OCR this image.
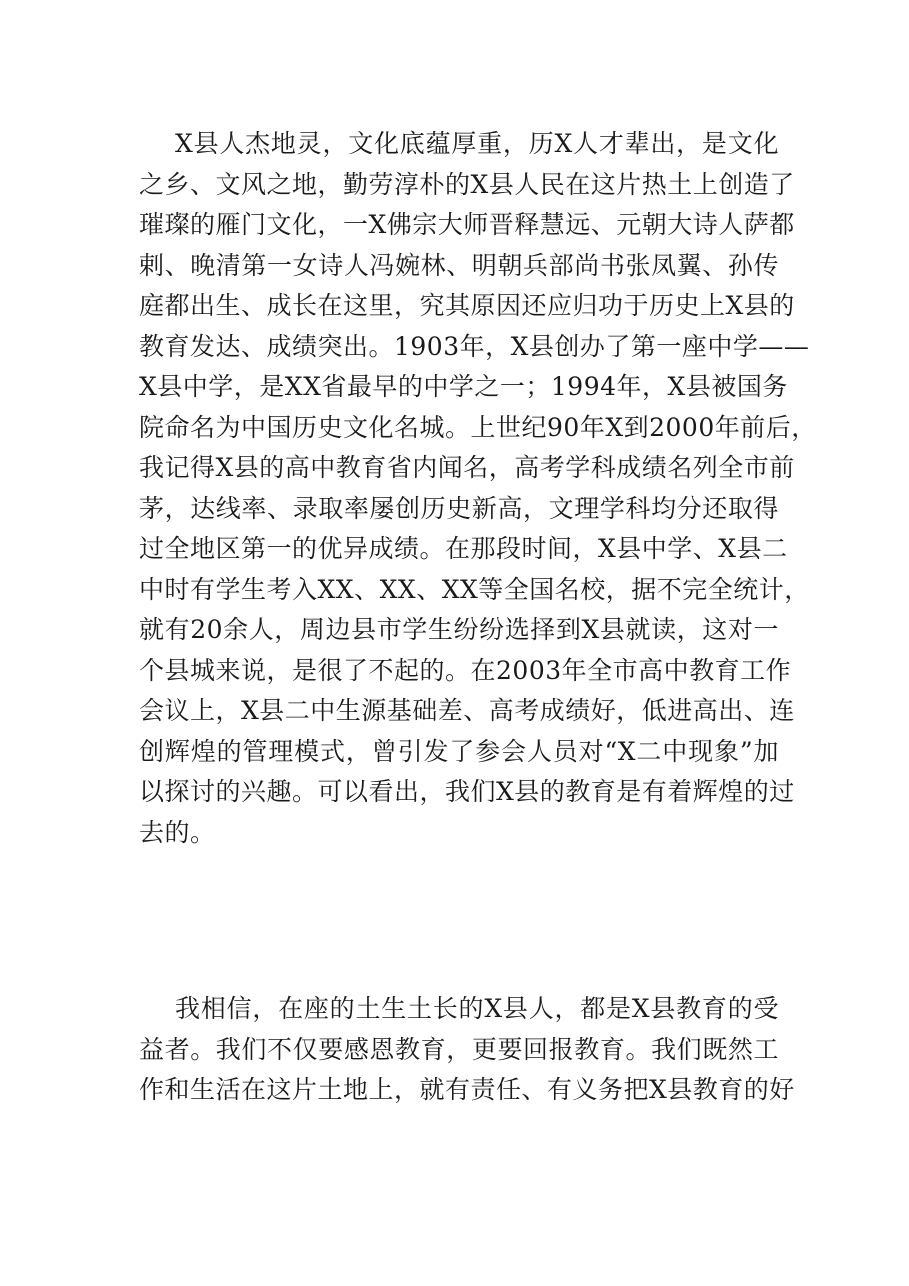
X县人杰地灵，文化底蕴厚重，历X人才辈出，是文化
之乡、文风之地，勤劳淳朴的X县人民在这片热土上创造了
璀璨的雁门文化，一X佛宗大师晋释慧远、元朝大诗人萨都
剌、晚清第一女诗人冯婉林、明朝兵部尚书张凤翼、孙传
庭都出生、成长在这里，究其原因还应归功于历史上X县的
教育发达、成绩突出。1903年，X县创办了第一座中学——
X县中学，是XX省最早的中学之一；1994年，X县被国务
院命名为中国历史文化名城。上世纪90年X到2000年前后，
我记得X县的高中教育省内闻名，高考学科成绩名列全市前
茅，达线率、录取率屡创历史新高，文理学科均分还取得
过全地区第一的优异成绩。在那段时间，X县中学、X县二
中时有学生考入XX、XX、XX等全国名校，据不完全统计，
就有20余人，周边县市学生纷纷选择到X县就读，这对一
个县城来说，是很了不起的。在2003年全市高中教育工作
会议上，X县二中生源基础差、高考成绩好，低进高出、连
创辉煌的管理模式，曾引发了参会人员对“X二中现象”加
以探讨的兴趣。可以看出，我们X县的教育是有着辉煌的过
去的。
我相信，在座的土生土长的X县人，都是X县教育的受
益者。我们不仅要感恩教育，更要回报教育。我们既然工
作和生活在这片土地上，就有责任、有义务把X县教育的好
